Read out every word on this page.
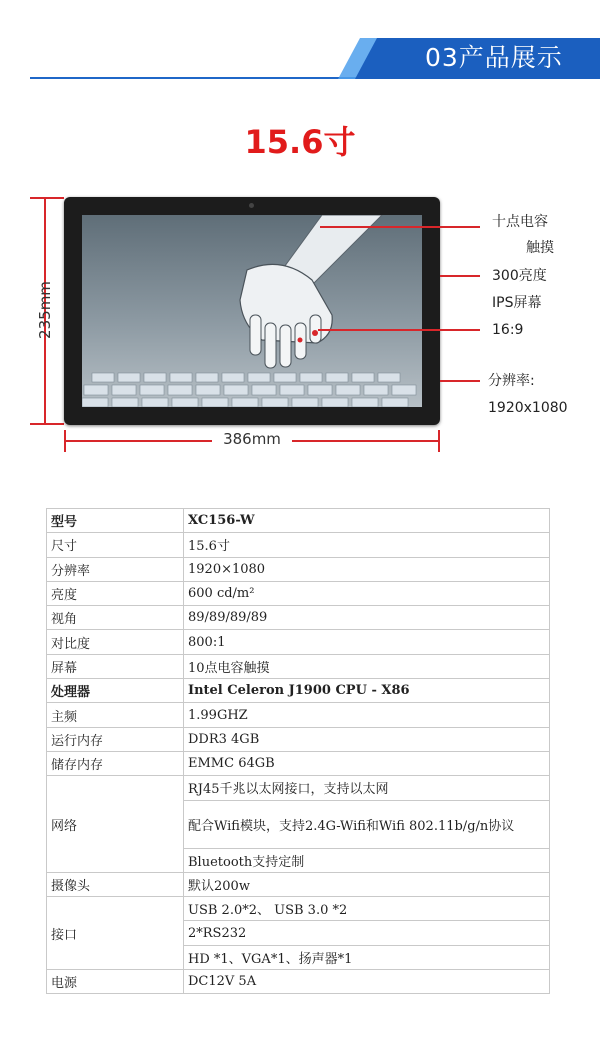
03产品展示
15.6寸
235mm
386mm
十点电容
触摸
300亮度
IPS屏幕
16:9
分辨率:
1920x1080
型号	XC156-W
尺寸	15.6寸
分辨率	1920×1080
亮度	600 cd/m²
视角	89/89/89/89
对比度	800:1
屏幕	10点电容触摸
处理器	Intel Celeron J1900 CPU - X86
主频	1.99GHZ
运行内存	DDR3 4GB
储存内存	EMMC 64GB
网络	RJ45千兆以太网接口，支持以太网
	配合Wifi模块，支持2.4G-Wifi和Wifi 802.11b/g/n协议
	Bluetooth支持定制
摄像头	默认200w
接口	USB 2.0*2、 USB 3.0 *2
	2*RS232
	HD *1、VGA*1、扬声器*1
电源	DC12V 5A
